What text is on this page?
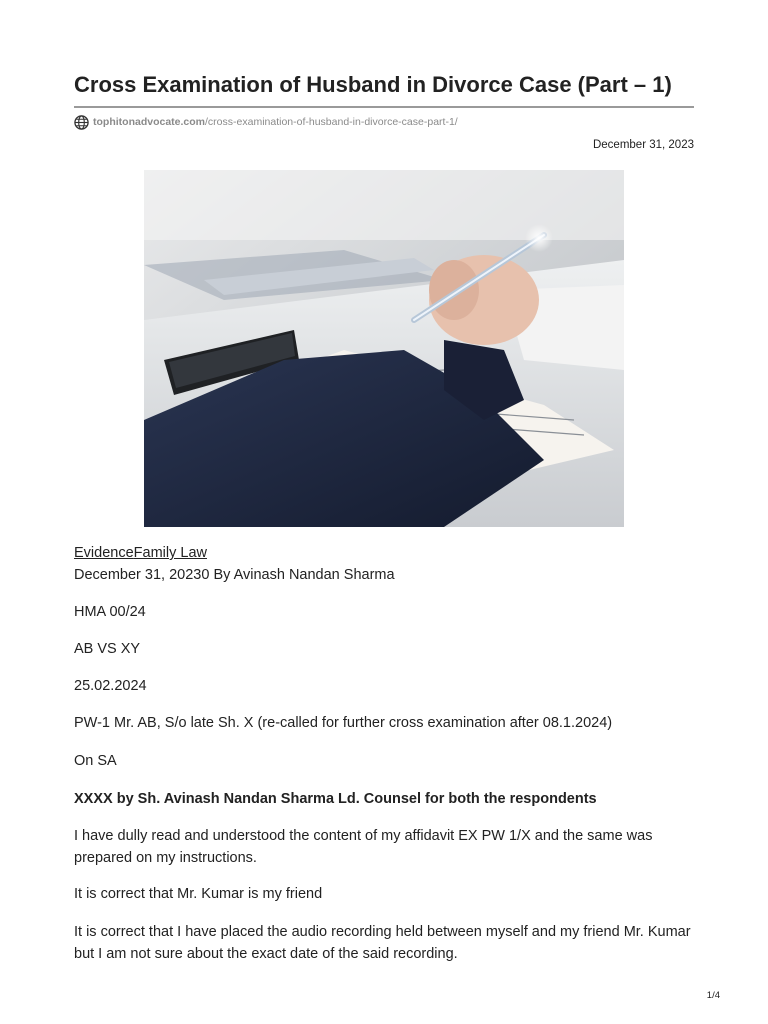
Cross Examination of Husband in Divorce Case (Part – 1)
tophitonadvocate.com /cross-examination-of-husband-in-divorce-case-part-1/
December 31, 2023

EvidenceFamily Law

December 31, 20230 By Avinash Nandan Sharma

HMA 00/24

AB VS XY

25.02.2024

PW-1 Mr. AB, S/o late Sh. X (re-called for further cross examination after 08.1.2024)

On SA

XXXX by Sh. Avinash Nandan Sharma Ld. Counsel for both the respondents

I have dully read and understood the content of my affidavit EX PW 1/X and the same was prepared on my instructions.

It is correct that Mr. Kumar is my friend

It is correct that I have placed the audio recording held between myself and my friend Mr. Kumar but I am not sure about the exact date of the said recording.

1/4
